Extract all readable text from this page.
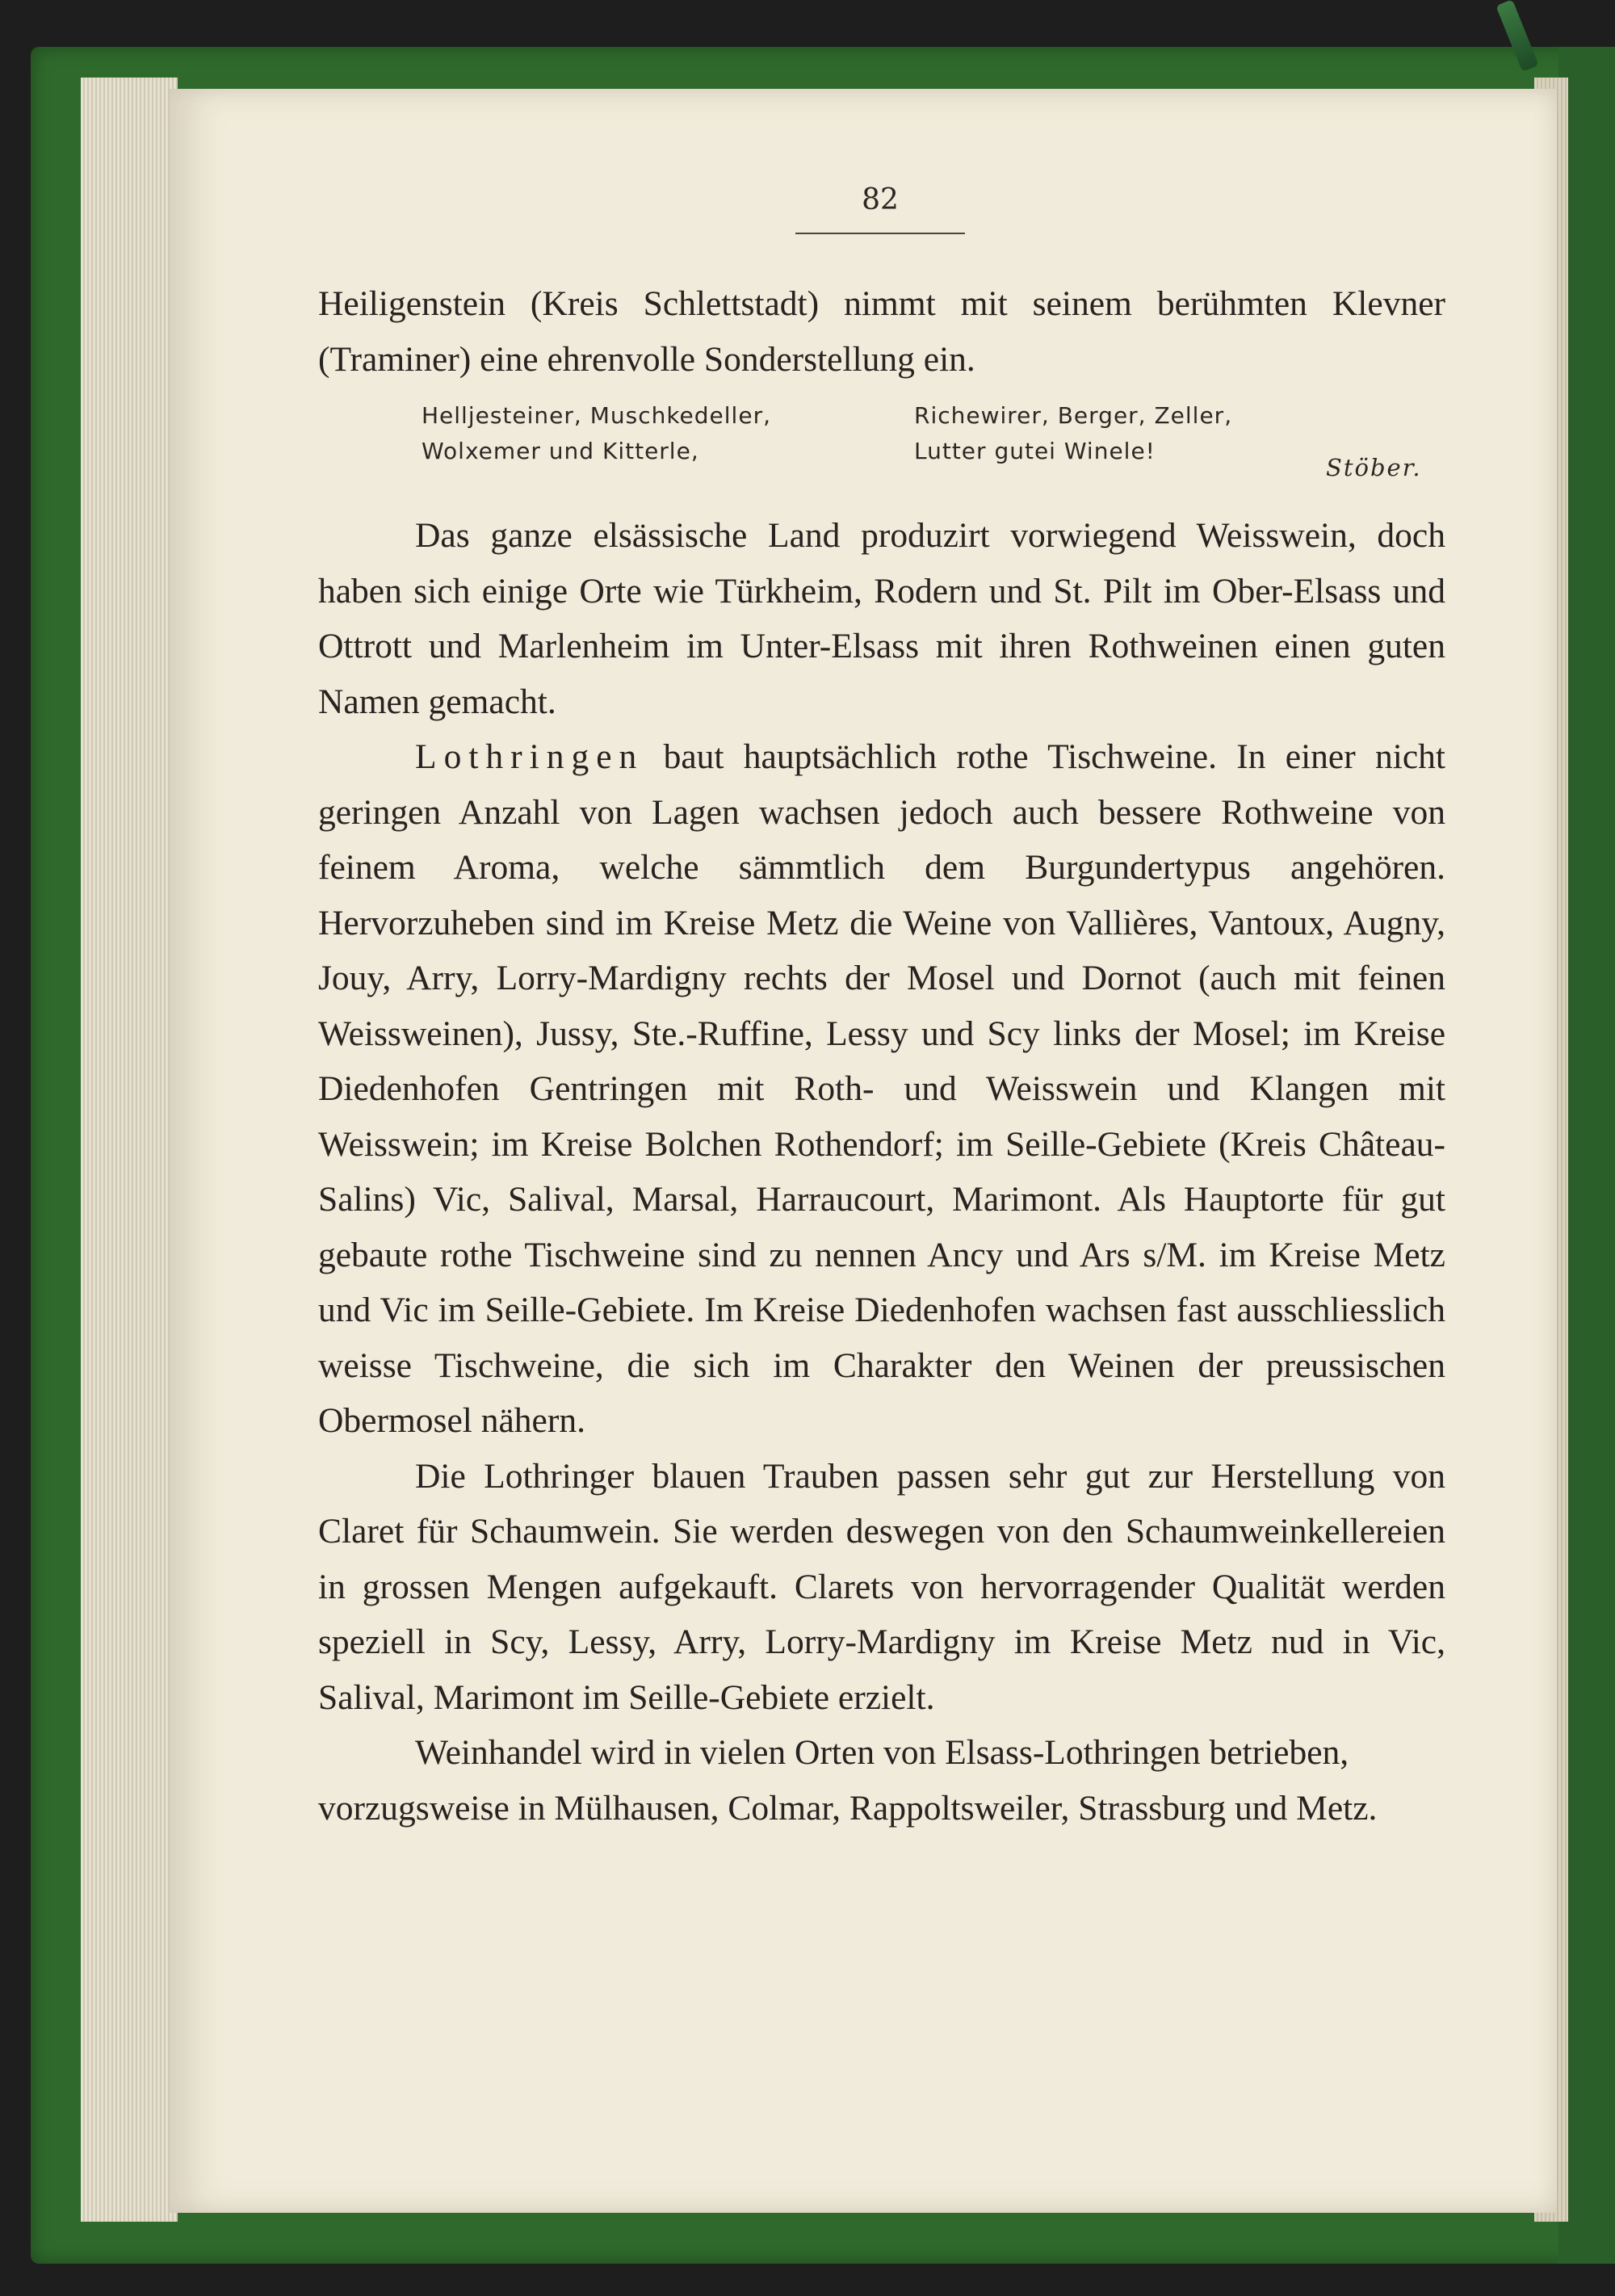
82

Heiligenstein (Kreis Schlettstadt) nimmt mit seinem berühmten Klevner (Traminer) eine ehrenvolle Sonderstellung ein.

Helljesteiner, Muschkedeller,
Wolxemer und Kitterle,
Richewirer, Berger, Zeller,
Lutter gutei Winele!
Stöber.

Das ganze elsässische Land produzirt vorwiegend Weisswein, doch haben sich einige Orte wie Türkheim, Rodern und St. Pilt im Ober-Elsass und Ottrott und Marlenheim im Unter-Elsass mit ihren Rothweinen einen guten Namen gemacht.

Lothringen baut hauptsächlich rothe Tischweine. In einer nicht geringen Anzahl von Lagen wachsen jedoch auch bessere Rothweine von feinem Aroma, welche sämmtlich dem Burgundertypus angehören. Hervorzuheben sind im Kreise Metz die Weine von Vallières, Vantoux, Augny, Jouy, Arry, Lorry-Mardigny rechts der Mosel und Dornot (auch mit feinen Weissweinen), Jussy, Ste.-Ruffine, Lessy und Scy links der Mosel; im Kreise Diedenhofen Gentringen mit Roth- und Weisswein und Klangen mit Weisswein; im Kreise Bolchen Rothendorf; im Seille-Gebiete (Kreis Château-Salins) Vic, Salival, Marsal, Harraucourt, Marimont. Als Hauptorte für gut gebaute rothe Tischweine sind zu nennen Ancy und Ars s/M. im Kreise Metz und Vic im Seille-Gebiete. Im Kreise Diedenhofen wachsen fast ausschliesslich weisse Tischweine, die sich im Charakter den Weinen der preussischen Obermosel nähern.

Die Lothringer blauen Trauben passen sehr gut zur Herstellung von Claret für Schaumwein. Sie werden deswegen von den Schaumweinkellereien in grossen Mengen aufgekauft. Clarets von hervorragender Qualität werden speziell in Scy, Lessy, Arry, Lorry-Mardigny im Kreise Metz nud in Vic, Salival, Marimont im Seille-Gebiete erzielt.

Weinhandel wird in vielen Orten von Elsass-Lothringen betrieben, vorzugsweise in Mülhausen, Colmar, Rappoltsweiler, Strassburg und Metz.
